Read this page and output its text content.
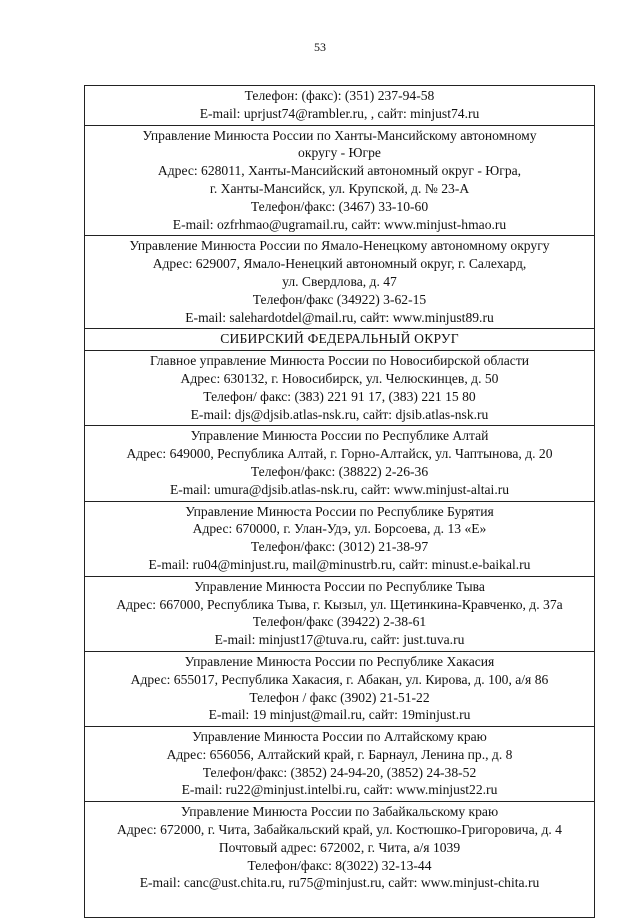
53
Телефон: (факс): (351) 237-94-58
E-mail: uprjust74@rambler.ru, , сайт: minjust74.ru

Управление Минюста России по Ханты-Мансийскому автономному
округу - Югре
Адрес: 628011, Ханты-Мансийский автономный округ - Югра,
г. Ханты-Мансийск, ул. Крупской, д. № 23-А
Телефон/факс: (3467) 33-10-60
E-mail: ozfrhmao@ugramail.ru, сайт: www.minjust-hmao.ru

Управление Минюста России по Ямало-Ненецкому автономному округу
Адрес: 629007, Ямало-Ненецкий автономный округ, г. Салехард,
ул. Свердлова, д. 47
Телефон/факс (34922) 3-62-15
E-mail: salehardotdel@mail.ru, сайт: www.minjust89.ru

СИБИРСКИЙ ФЕДЕРАЛЬНЫЙ ОКРУГ

Главное управление Минюста России по Новосибирской области
Адрес: 630132, г. Новосибирск, ул. Челюскинцев, д. 50
Телефон/ факс: (383) 221 91 17, (383) 221 15 80
E-mail: djs@djsib.atlas-nsk.ru, сайт: djsib.atlas-nsk.ru

Управление Минюста России по Республике Алтай
Адрес: 649000, Республика Алтай, г. Горно-Алтайск, ул. Чаптынова, д. 20
Телефон/факс: (38822) 2-26-36
E-mail: umura@djsib.atlas-nsk.ru, сайт: www.minjust-altai.ru

Управление Минюста России по Республике Бурятия
Адрес: 670000, г. Улан-Удэ, ул. Борсоева, д. 13 «Е»
Телефон/факс: (3012) 21-38-97
E-mail: ru04@minjust.ru, mail@minustrb.ru, сайт: minust.e-baikal.ru

Управление Минюста России по Республике Тыва
Адрес: 667000, Республика Тыва, г. Кызыл, ул. Щетинкина-Кравченко, д. 37а
Телефон/факс (39422) 2-38-61
E-mail: minjust17@tuva.ru, сайт: just.tuva.ru

Управление Минюста России по Республике Хакасия
Адрес: 655017, Республика Хакасия, г. Абакан, ул. Кирова, д. 100, а/я 86
Телефон / факс (3902) 21-51-22
E-mail: 19 minjust@mail.ru, сайт: 19minjust.ru

Управление Минюста России по Алтайскому краю
Адрес: 656056, Алтайский край, г. Барнаул, Ленина пр., д. 8
Телефон/факс: (3852) 24-94-20, (3852) 24-38-52
E-mail: ru22@minjust.intelbi.ru, сайт: www.minjust22.ru

Управление Минюста России по Забайкальскому краю
Адрес: 672000, г. Чита, Забайкальский край, ул. Костюшко-Григоровича, д. 4
Почтовый адрес: 672002, г. Чита, а/я 1039
Телефон/факс: 8(3022) 32-13-44
E-mail: canc@ust.chita.ru, ru75@minjust.ru, сайт: www.minjust-chita.ru
